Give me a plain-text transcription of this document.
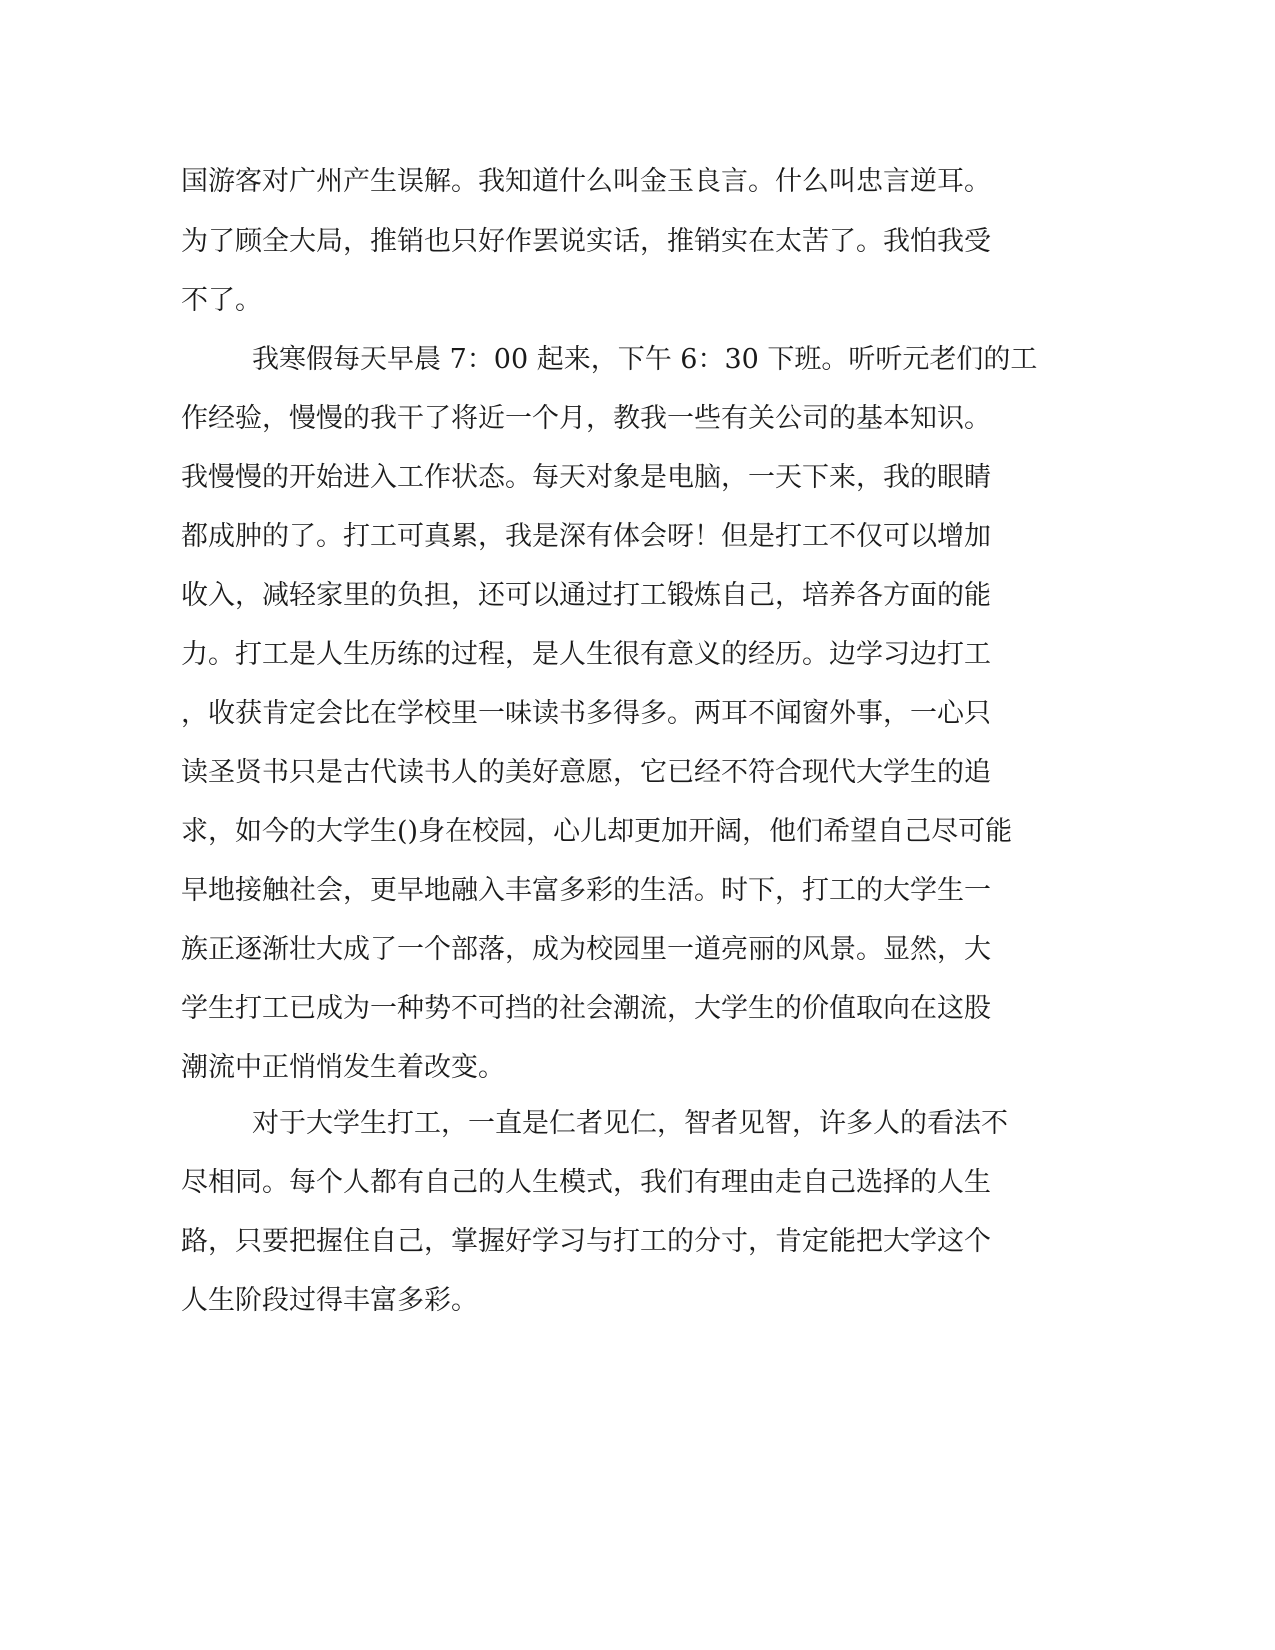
国游客对广州产生误解。我知道什么叫金玉良言。什么叫忠言逆耳。

为了顾全大局，推销也只好作罢说实话，推销实在太苦了。我怕我受

不了。

我寒假每天早晨 7：00 起来，下午 6：30 下班。听听元老们的工

作经验，慢慢的我干了将近一个月，教我一些有关公司的基本知识。

我慢慢的开始进入工作状态。每天对象是电脑，一天下来，我的眼睛

都成肿的了。打工可真累，我是深有体会呀！但是打工不仅可以增加

收入，减轻家里的负担，还可以通过打工锻炼自己，培养各方面的能

力。打工是人生历练的过程，是人生很有意义的经历。边学习边打工

，收获肯定会比在学校里一味读书多得多。两耳不闻窗外事，一心只

读圣贤书只是古代读书人的美好意愿，它已经不符合现代大学生的追

求，如今的大学生()身在校园，心儿却更加开阔，他们希望自己尽可能

早地接触社会，更早地融入丰富多彩的生活。时下，打工的大学生一

族正逐渐壮大成了一个部落，成为校园里一道亮丽的风景。显然，大

学生打工已成为一种势不可挡的社会潮流，大学生的价值取向在这股

潮流中正悄悄发生着改变。

对于大学生打工，一直是仁者见仁，智者见智，许多人的看法不

尽相同。每个人都有自己的人生模式，我们有理由走自己选择的人生

路，只要把握住自己，掌握好学习与打工的分寸，肯定能把大学这个

人生阶段过得丰富多彩。
